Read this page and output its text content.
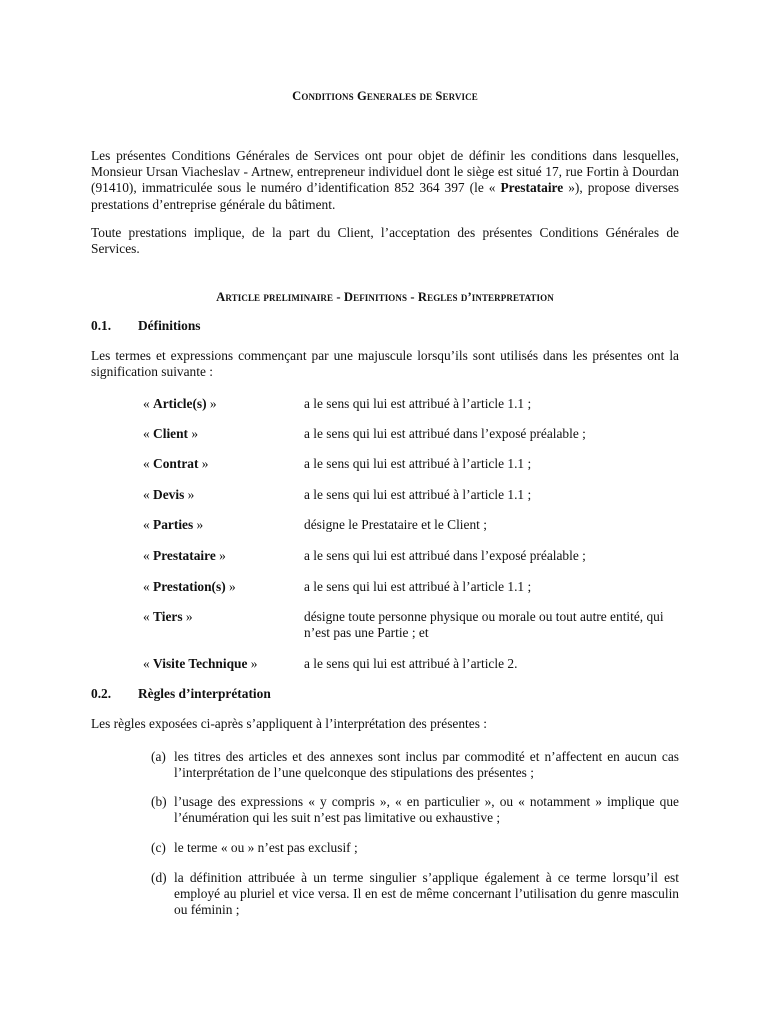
Conditions Generales de Service
Les présentes Conditions Générales de Services ont pour objet de définir les conditions dans lesquelles, Monsieur Ursan Viacheslav - Artnew, entrepreneur individuel dont le siège est situé 17, rue Fortin à Dourdan (91410), immatriculée sous le numéro d’identification 852 364 397 (le « Prestataire »), propose diverses prestations d’entreprise générale du bâtiment.
Toute prestations implique, de la part du Client, l’acceptation des présentes Conditions Générales de Services.
Article preliminaire - Definitions - Regles d’interpretation
0.1. Définitions
Les termes et expressions commençant par une majuscule lorsqu’ils sont utilisés dans les présentes ont la signification suivante :
« Article(s) »	a le sens qui lui est attribué à l’article 1.1 ;
« Client »	a le sens qui lui est attribué dans l’exposé préalable ;
« Contrat »	a le sens qui lui est attribué à l’article 1.1 ;
« Devis »	a le sens qui lui est attribué à l’article 1.1 ;
« Parties »	désigne le Prestataire et le Client ;
« Prestataire »	a le sens qui lui est attribué dans l’exposé préalable ;
« Prestation(s) »	a le sens qui lui est attribué à l’article 1.1 ;
« Tiers »	désigne toute personne physique ou morale ou tout autre entité, qui n’est pas une Partie ; et
« Visite Technique »	a le sens qui lui est attribué à l’article 2.
0.2. Règles d’interprétation
Les règles exposées ci-après s’appliquent à l’interprétation des présentes :
(a) les titres des articles et des annexes sont inclus par commodité et n’affectent en aucun cas l’interprétation de l’une quelconque des stipulations des présentes ;
(b) l’usage des expressions « y compris », « en particulier », ou « notamment » implique que l’énumération qui les suit n’est pas limitative ou exhaustive ;
(c) le terme « ou » n’est pas exclusif ;
(d) la définition attribuée à un terme singulier s’applique également à ce terme lorsqu’il est employé au pluriel et vice versa. Il en est de même concernant l’utilisation du genre masculin ou féminin ;
